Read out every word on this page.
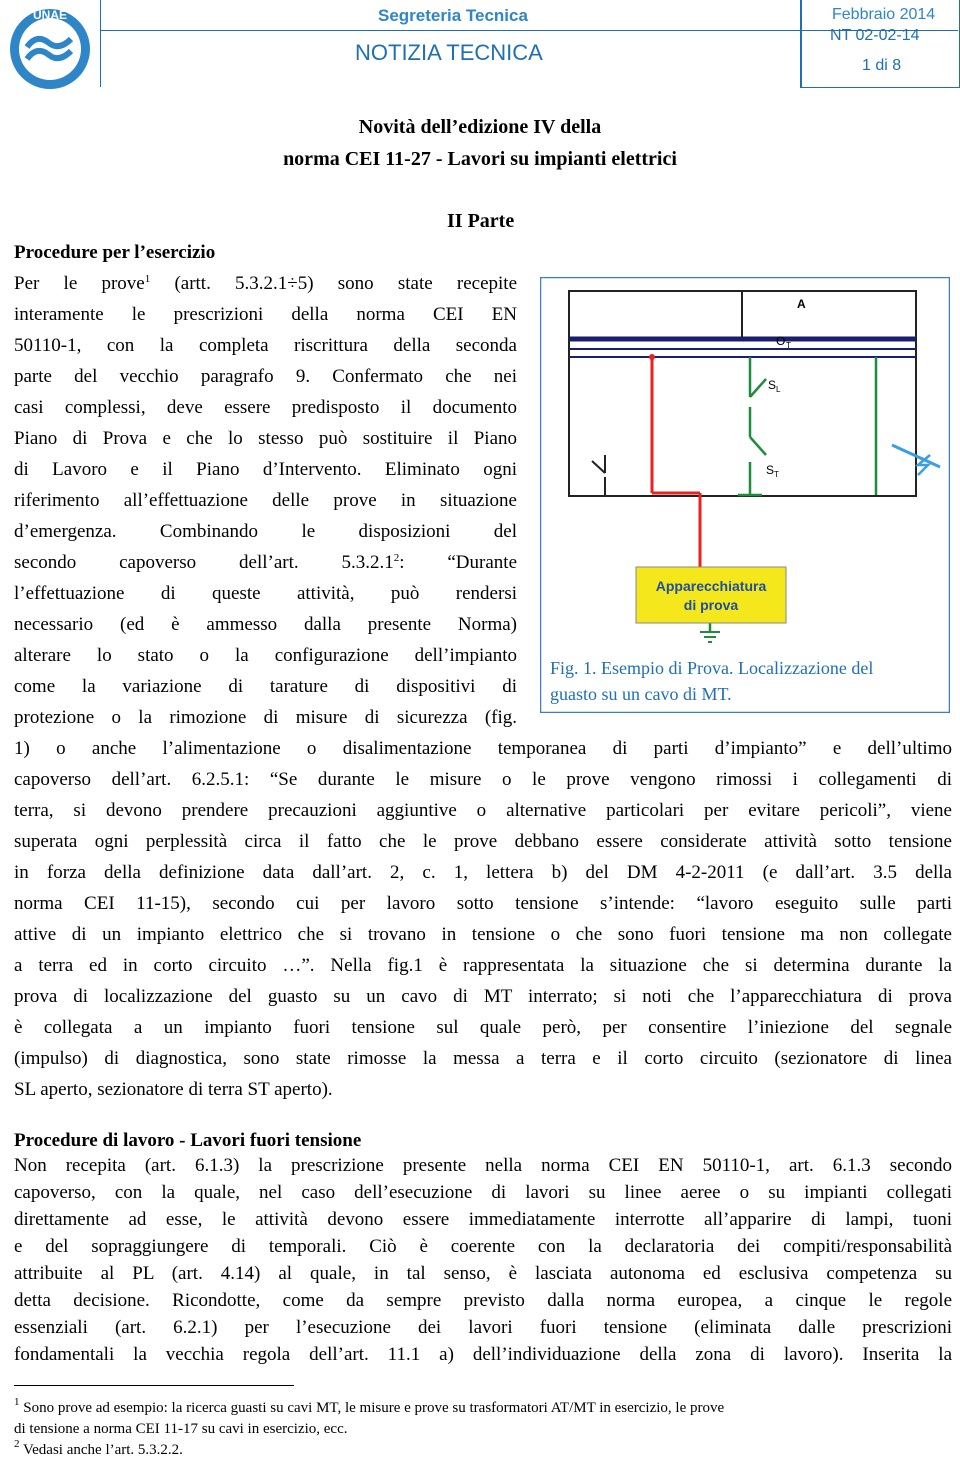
UNAE	Segreteria Tecnica
NOTIZIA TECNICA
Febbraio 2014
NT 02-02-14
1 di 8
Novità dell’edizione IV della
norma CEI 11-27 - Lavori su impianti elettrici
II Parte
Procedure per l’esercizio
Per le prove$^1$ (artt. 5.3.2.1÷5) sono state recepite
interamente le prescrizioni della norma CEI EN
50110-1, con la completa riscrittura della seconda
parte del vecchio paragrafo 9. Confermato che nei
casi complessi, deve essere predisposto il documento
Piano di Prova e che lo stesso può sostituire il Piano
di Lavoro e il Piano d’Intervento. Eliminato ogni
riferimento all’effettuazione delle prove in situazione
d’emergenza. Combinando le disposizioni del
secondo capoverso dell’art. 5.3.2.1$^2$: “Durante
l’effettuazione di queste attività, può rendersi
necessario (ed è ammesso dalla presente Norma)
alterare lo stato o la configurazione dell’impianto
come la variazione di tarature di dispositivi di
protezione o la rimozione di misure di sicurezza (fig.
1) o anche l’alimentazione o disalimentazione temporanea di parti d’impianto” e dell’ultimo
capoverso dell’art. 6.2.5.1: “Se durante le misure o le prove vengono rimossi i collegamenti di
terra, si devono prendere precauzioni aggiuntive o alternative particolari per evitare pericoli”, viene
superata ogni perplessità circa il fatto che le prove debbano essere considerate attività sotto tensione
in forza della definizione data dall’art. 2, c. 1, lettera b) del DM 4-2-2011 (e dall’art. 3.5 della
norma CEI 11-15), secondo cui per lavoro sotto tensione s’intende: “lavoro eseguito sulle parti
attive di un impianto elettrico che si trovano in tensione o che sono fuori tensione ma non collegate
a terra ed in corto circuito …”. Nella fig.1 è rappresentata la situazione che si determina durante la
prova di localizzazione del guasto su un cavo di MT interrato; si noti che l’apparecchiatura di prova
è collegata a un impianto fuori tensione sul quale però, per consentire l’iniezione del segnale
(impulso) di diagnostica, sono state rimosse la messa a terra e il corto circuito (sezionatore di linea
SL aperto, sezionatore di terra ST aperto).
A
O T
S L
S T
Apparecchiatura
di prova
Fig. 1. Esempio di Prova. Localizzazione del
guasto su un cavo di MT.
Procedure di lavoro - Lavori fuori tensione
Non recepita (art. 6.1.3) la prescrizione presente nella norma CEI EN 50110-1, art. 6.1.3 secondo
capoverso, con la quale, nel caso dell’esecuzione di lavori su linee aeree o su impianti collegati
direttamente ad esse, le attività devono essere immediatamente interrotte all’apparire di lampi, tuoni
e del sopraggiungere di temporali. Ciò è coerente con la declaratoria dei compiti/responsabilità
attribuite al PL (art. 4.14) al quale, in tal senso, è lasciata autonoma ed esclusiva competenza su
detta decisione. Ricondotte, come da sempre previsto dalla norma europea, a cinque le regole
essenziali (art. 6.2.1) per l’esecuzione dei lavori fuori tensione (eliminata dalle prescrizioni
fondamentali la vecchia regola dell’art. 11.1 a) dell’individuazione della zona di lavoro). Inserita la
$^1$ Sono prove ad esempio: la ricerca guasti su cavi MT, le misure e prove su trasformatori AT/MT in esercizio, le prove
di tensione a norma CEI 11-17 su cavi in esercizio, ecc.
$^2$ Vedasi anche l’art. 5.3.2.2.
